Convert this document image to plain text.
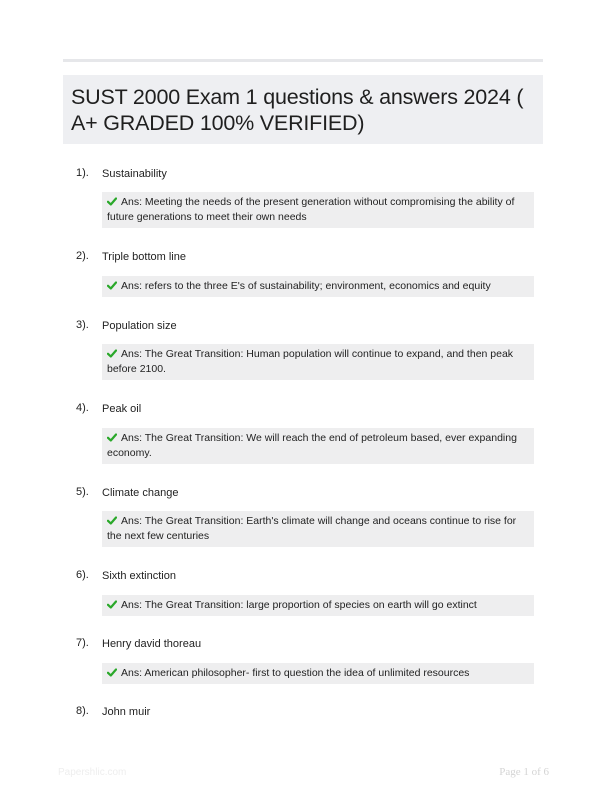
SUST 2000 Exam 1 questions & answers 2024 ( A+ GRADED 100% VERIFIED)
1). Sustainability
Ans: Meeting the needs of the present generation without compromising the ability of future generations to meet their own needs
2). Triple bottom line
Ans: refers to the three E's of sustainability; environment, economics and equity
3). Population size
Ans: The Great Transition: Human population will continue to expand, and then peak before 2100.
4). Peak oil
Ans: The Great Transition: We will reach the end of petroleum based, ever expanding economy.
5). Climate change
Ans: The Great Transition: Earth's climate will change and oceans continue to rise for the next few centuries
6). Sixth extinction
Ans: The Great Transition: large proportion of species on earth will go extinct
7). Henry david thoreau
Ans: American philosopher- first to question the idea of unlimited resources
8). John muir
Papershlic.com	Page 1 of 6
